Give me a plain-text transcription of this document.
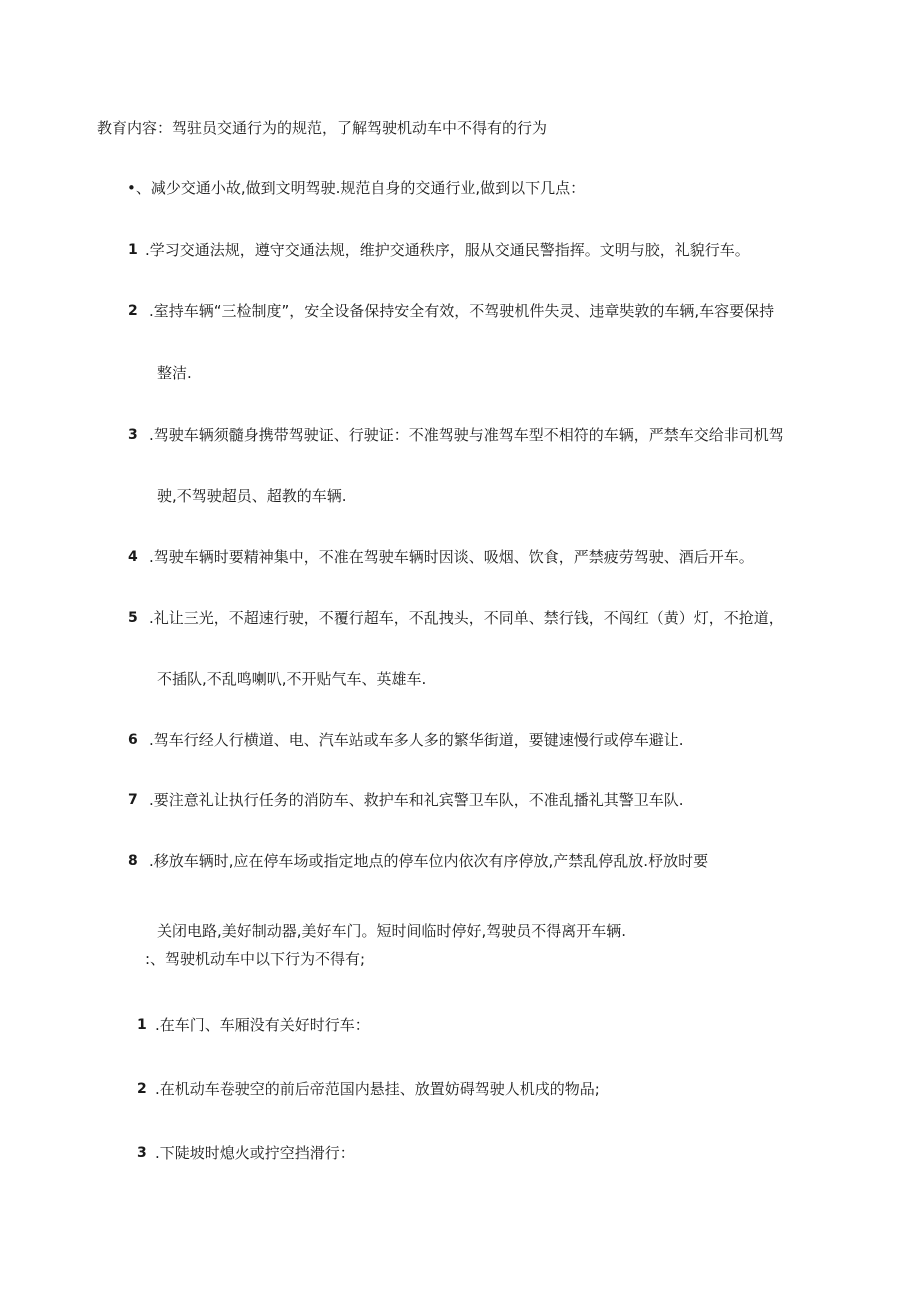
教育内容：驾驻员交通行为的规范，了解驾驶机动车中不得有的行为
•、减少交通小故,做到文明驾驶.规范自身的交通行业,做到以下几点：
1 .学习交通法规，遵守交通法规，维护交通秩序，服从交通民警指挥。文明与胶，礼貌行车。
2 .室持车辆“三检制度”，安全设备保持安全有效，不驾驶机件失灵、违章奘敦的车辆,车容要保持
整洁.
3 .驾驶车辆须髓身携带驾驶证、行驶证：不准驾驶与准驾车型不相符的车辆，严禁车交给非司机驾
驶,不驾驶超员、超教的车辆.
4 .驾驶车辆时要精神集中，不准在驾驶车辆时因谈、吸烟、饮食，严禁疲劳驾驶、酒后开车。
5 .礼让三光，不超速行驶，不覆行超车，不乱拽头，不同单、禁行钱，不闯红（黄）灯，不抢道，
不插队,不乱鸣喇叭,不开贴气车、英雄车.
6 .驾车行经人行横道、电、汽车站或车多人多的繁华街道，要键速慢行或停车避让.
7 .要注意礼让执行任务的消防车、救护车和礼宾警卫车队，不准乱播礼其警卫车队.
8 .移放车辆时,应在停车场或指定地点的停车位内依次有序停放,产禁乱停乱放.杼放时要
关闭电路,美好制动器,美好车门。短时间临时停好,驾驶员不得离开车辆.
:、驾驶机动车中以下行为不得有;
1 .在车门、车厢没有关好时行车：
2 .在机动车卷驶空的前后帝范国内悬挂、放置妨碍驾驶人机戌的物品;
3 .下陡坡时熄火或拧空挡滑行：
